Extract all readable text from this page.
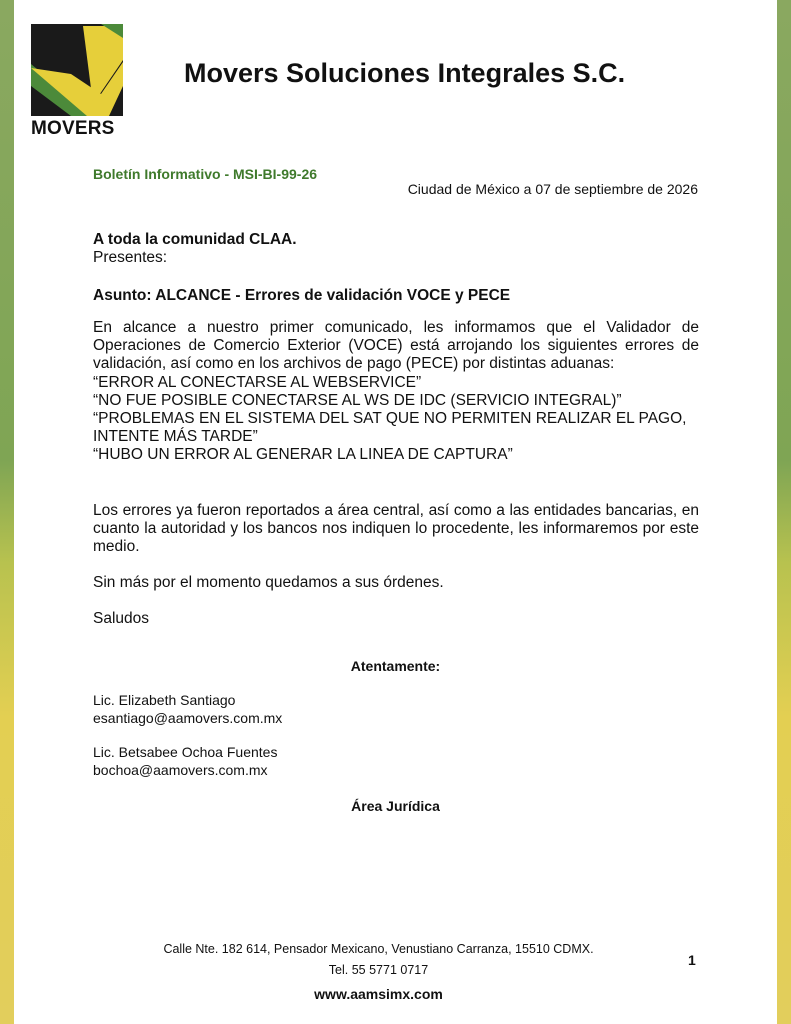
MOVERS
Movers Soluciones Integrales S.C.
Boletín Informativo - MSI-BI-99-26
Ciudad de México a 07 de septiembre de 2026
A toda la comunidad CLAA.
Presentes:
Asunto: ALCANCE - Errores de validación VOCE y PECE
En alcance a nuestro primer comunicado, les informamos que el Validador de Operaciones de Comercio Exterior (VOCE) está arrojando los siguientes errores de validación, así como en los archivos de pago (PECE) por distintas aduanas:
“ERROR AL CONECTARSE AL WEBSERVICE”
“NO FUE POSIBLE CONECTARSE AL WS DE IDC (SERVICIO INTEGRAL)”
“PROBLEMAS EN EL SISTEMA DEL SAT QUE NO PERMITEN REALIZAR EL PAGO, INTENTE MÁS TARDE”
“HUBO UN ERROR AL GENERAR LA LINEA DE CAPTURA”
Los errores ya fueron reportados a área central, así como a las entidades bancarias, en cuanto la autoridad y los bancos nos indiquen lo procedente, les informaremos por este medio.
Sin más por el momento quedamos a sus órdenes.
Saludos
Atentamente:
Lic. Elizabeth Santiago
esantiago@aamovers.com.mx
Lic. Betsabee Ochoa Fuentes
bochoa@aamovers.com.mx
Área Jurídica
Calle Nte. 182 614, Pensador Mexicano, Venustiano Carranza, 15510 CDMX.
Tel. 55 5771 0717
www.aamsimx.com
1
